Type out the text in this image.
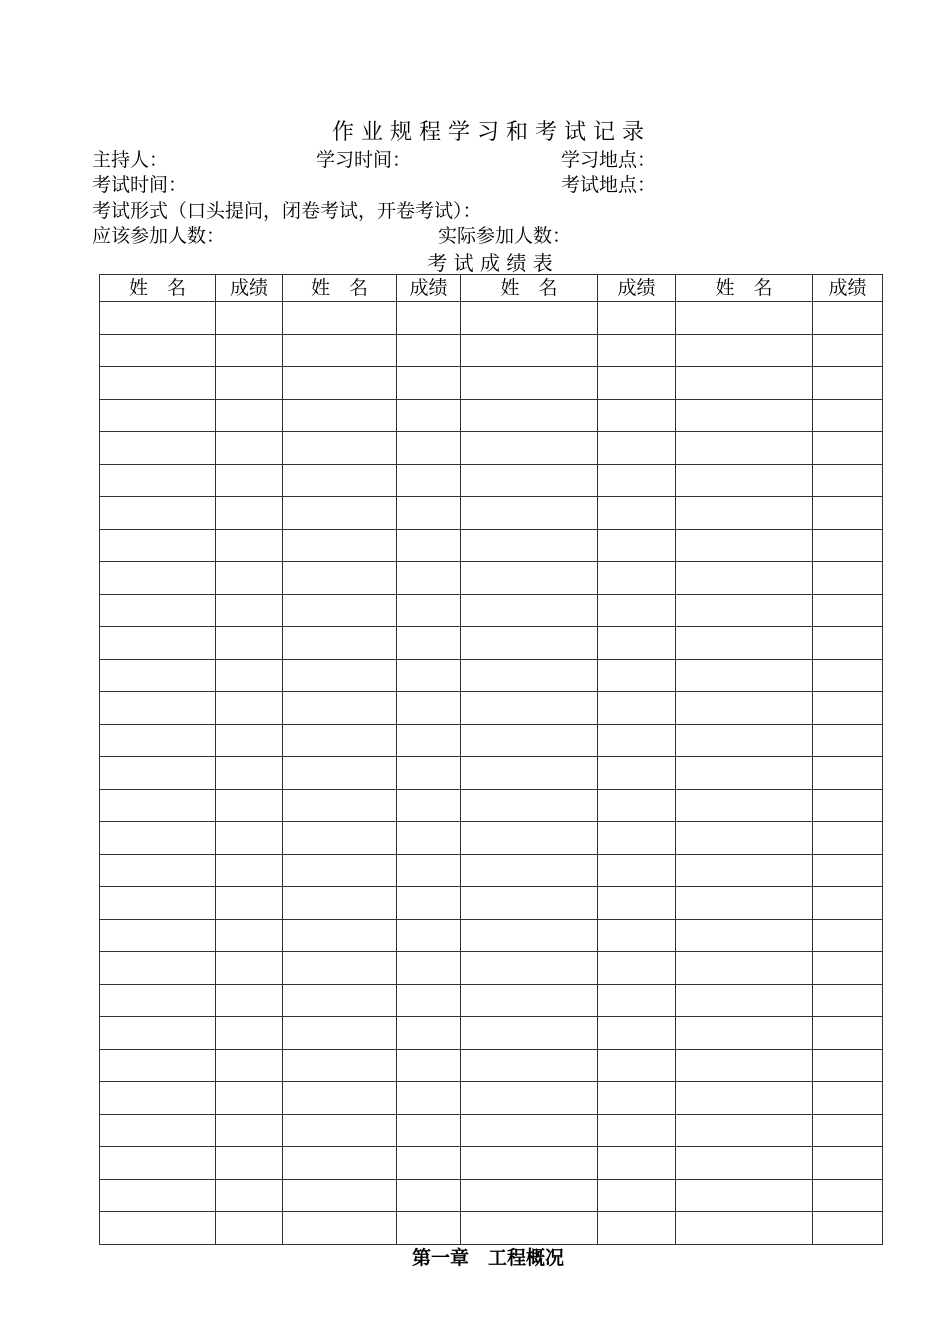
作 业 规 程 学 习 和 考 试 记 录
主持人：	学习时间：	学习地点：
考试时间：	考试地点：
考试形式（口头提问，闭卷考试，开卷考试）：
应该参加人数：	实际参加人数：
考 试 成 绩 表
姓　名	成绩	姓　名	成绩	姓　名	成绩	姓　名	成绩

第一章　工程概况
